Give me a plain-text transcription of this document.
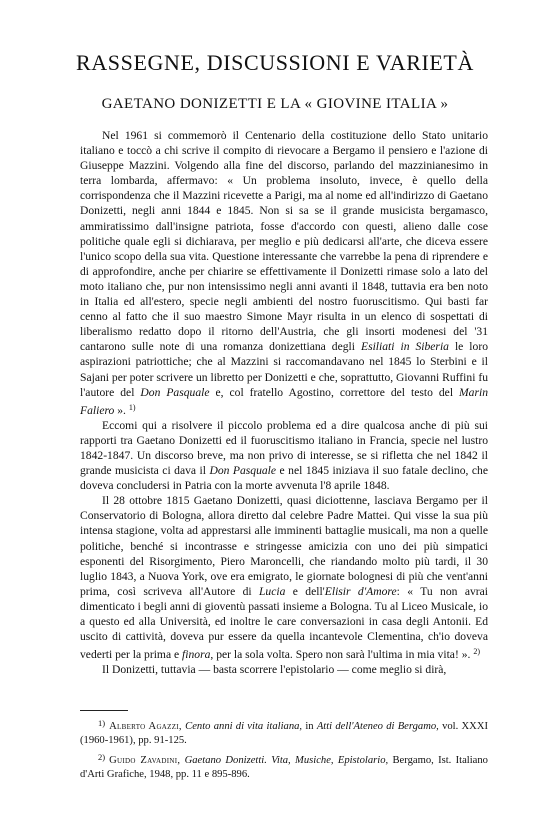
RASSEGNE, DISCUSSIONI E VARIETÀ
GAETANO DONIZETTI E LA « GIOVINE ITALIA »

Nel 1961 si commemorò il Centenario della costituzione dello Stato unitario italiano e toccò a chi scrive il compito di rievocare a Bergamo il pensiero e l'azione di Giuseppe Mazzini. Volgendo alla fine del discorso, parlando del mazzinianesimo in terra lombarda, affermavo: « Un problema insoluto, invece, è quello della corrispondenza che il Mazzini ricevette a Parigi, ma al nome ed all'indirizzo di Gaetano Donizetti, negli anni 1844 e 1845. Non si sa se il grande musicista bergamasco, ammiratissimo dall'insigne patriota, fosse d'accordo con questi, alieno dalle cose politiche quale egli si dichiarava, per meglio e più dedicarsi all'arte, che diceva essere l'unico scopo della sua vita. Questione interessante che varrebbe la pena di riprendere e di approfondire, anche per chiarire se effettivamente il Donizetti rimase solo a lato del moto italiano che, pur non intensissimo negli anni avanti il 1848, tuttavia era ben noto in Italia ed all'estero, specie negli ambienti del nostro fuoruscitismo. Qui basti far cenno al fatto che il suo maestro Simone Mayr risulta in un elenco di sospettati di liberalismo redatto dopo il ritorno dell'Austria, che gli insorti modenesi del '31 cantarono sulle note di una romanza donizettiana degli Esiliati in Siberia le loro aspirazioni patriottiche; che al Mazzini si raccomandavano nel 1845 lo Sterbini e il Sajani per poter scrivere un libretto per Donizetti e che, soprattutto, Giovanni Ruffini fu l'autore del Don Pasquale e, col fratello Agostino, correttore del testo del Marin Faliero ». $^{1)}$

Eccomi qui a risolvere il piccolo problema ed a dire qualcosa anche di più sui rapporti tra Gaetano Donizetti ed il fuoruscitismo italiano in Francia, specie nel lustro 1842-1847. Un discorso breve, ma non privo di interesse, se si rifletta che nel 1842 il grande musicista ci dava il Don Pasquale e nel 1845 iniziava il suo fatale declino, che doveva concludersi in Patria con la morte avvenuta l'8 aprile 1848.

Il 28 ottobre 1815 Gaetano Donizetti, quasi diciottenne, lasciava Bergamo per il Conservatorio di Bologna, allora diretto dal celebre Padre Mattei. Qui visse la sua più intensa stagione, volta ad apprestarsi alle imminenti battaglie musicali, ma non a quelle politiche, benché si incontrasse e stringesse amicizia con uno dei più simpatici esponenti del Risorgimento, Piero Maroncelli, che riandando molto più tardi, il 30 luglio 1843, a Nuova York, ove era emigrato, le giornate bolognesi di più che vent'anni prima, così scriveva all'Autore di Lucia e dell'Elisir d'Amore: « Tu non avrai dimenticato i begli anni di gioventù passati insieme a Bologna. Tu al Liceo Musicale, io a questo ed alla Università, ed inoltre le care conversazioni in casa degli Antonii. Ed uscito di cattività, doveva pur essere da quella incantevole Clementina, ch'io doveva vederti per la prima e finora, per la sola volta. Spero non sarà l'ultima in mia vita! ». $^{2)}$

Il Donizetti, tuttavia — basta scorrere l'epistolario — come meglio si dirà,

$^{1)}$ Alberto Agazzi, Cento anni di vita italiana, in Atti dell'Ateneo di Bergamo, vol. XXXI (1960-1961), pp. 91-125.

$^{2)}$ Guido Zavadini, Gaetano Donizetti. Vita, Musiche, Epistolario, Bergamo, Ist. Italiano d'Arti Grafiche, 1948, pp. 11 e 895-896.
